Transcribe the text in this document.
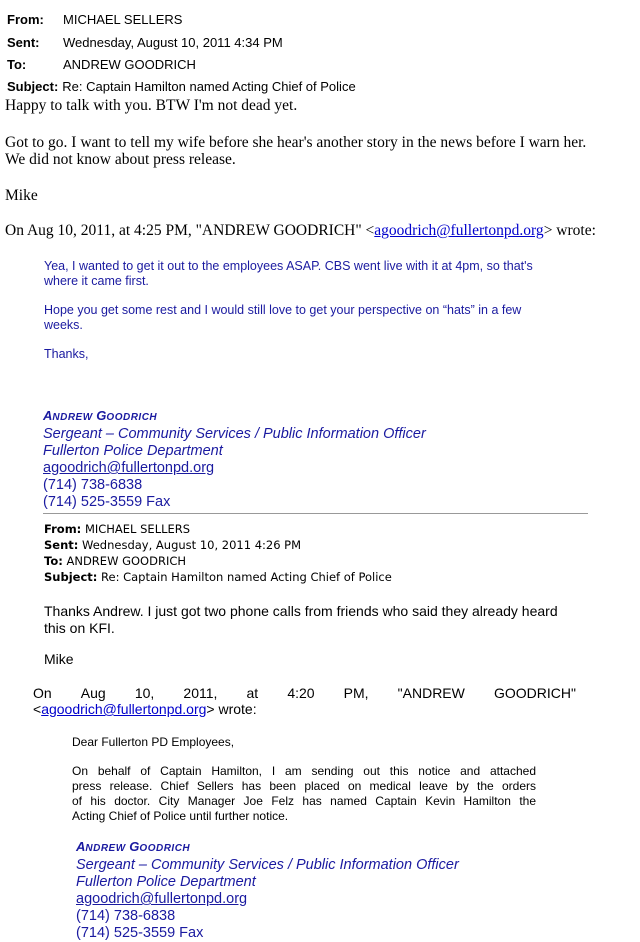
From: MICHAEL SELLERS
Sent: Wednesday, August 10, 2011 4:34 PM
To:	ANDREW GOODRICH
Subject: Re: Captain Hamilton named Acting Chief of Police
Happy to talk with you. BTW I'm not dead yet.
Got to go. I want to tell my wife before she hear's another story in the news before I warn her.
We did not know about press release.
Mike
On Aug 10, 2011, at 4:25 PM, "ANDREW GOODRICH" <agoodrich@fullertonpd.org> wrote:
Yea, I wanted to get it out to the employees ASAP. CBS went live with it at 4pm, so that's
where it came first.
Hope you get some rest and I would still love to get your perspective on “hats” in a few
weeks.
Thanks,
ANDREW GOODRICH
Sergeant – Community Services / Public Information Officer
Fullerton Police Department
agoodrich@fullertonpd.org
(714) 738-6838
(714) 525-3559 Fax
From: MICHAEL SELLERS
Sent: Wednesday, August 10, 2011 4:26 PM
To: ANDREW GOODRICH
Subject: Re: Captain Hamilton named Acting Chief of Police
Thanks Andrew. I just got two phone calls from friends who said they already heard
this on KFI.
Mike
On Aug 10, 2011, at 4:20 PM, "ANDREW GOODRICH"
<agoodrich@fullertonpd.org> wrote:
Dear Fullerton PD Employees,
On behalf of Captain Hamilton, I am sending out this notice and attached
press release. Chief Sellers has been placed on medical leave by the orders
of his doctor. City Manager Joe Felz has named Captain Kevin Hamilton the
Acting Chief of Police until further notice.
ANDREW GOODRICH
Sergeant – Community Services / Public Information Officer
Fullerton Police Department
agoodrich@fullertonpd.org
(714) 738-6838
(714) 525-3559 Fax
